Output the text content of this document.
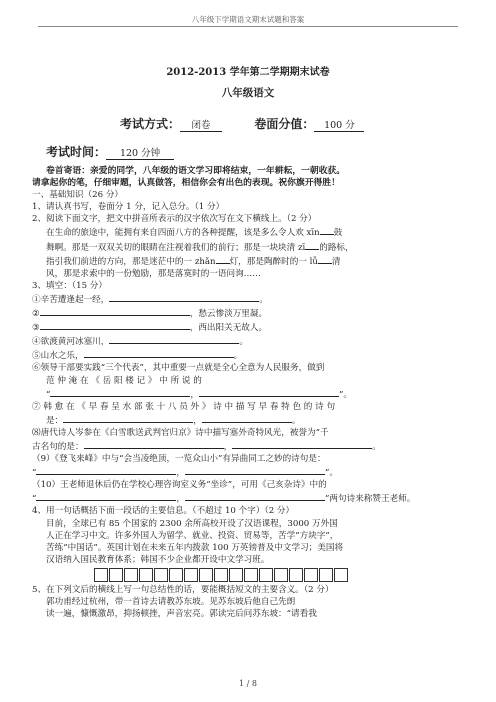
八年级下学期语文期末试题和答案
2012-2013 学年第二学期期末试卷
八年级语文
考试方式： 闭卷	卷面分值： 100 分
考试时间： 120 分钟
卷首寄语：亲爱的同学，八年级的语文学习即将结束，一年耕耘，一朝收获。
请拿起你的笔，仔细审题，认真做答，相信你会有出色的表现。祝你旗开得胜！
一、基础知识（26 分）
1、请认真书写，卷面分 1 分，记入总分。（1 分）
2、阅读下面文字，把文中拼音所表示的汉字依次写在文下横线上。（2 分）
在生命的旅途中，能拥有来自四面八方的各种提醒，该是多么令人欢 xīn 鼓
舞啊。那是一双双关切的眼睛在注视着我们的前行；那是一块块清 zī 的路标，
指引我们前进的方向，那是迷茫中的一 zhǎn 灯，那是陶醉时的一 lǚ 清
风，那是求索中的一份勉励，那是落寞时的一语问询……
3、填空：（15 分）
①辛苦遭逢起一经，	。
②	，愁云惨淡万里凝。
③	，西出阳关无故人。
④欲渡黄河冰塞川，	。
⑤山水之乐，	。
⑥领导干部要实践“三个代表”，其中重要一点就是全心全意为人民服务，做到
范 仲 淹 在 《 岳 阳 楼 记 》 中 所 说 的
“	，	”。
⑦ 韩 愈 在 《 早 春 呈 水 部 张 十 八 员 外 》 诗 中 描 写 早 春 特 色 的 诗 句
是：	，	。
⑻唐代诗人岑参在《白雪歌送武判官归京》诗中描写塞外奇特风光，被誉为“千
古名句的是：	，	。
（9）《登飞来峰》中与“会当凌绝顶，一览众山小”有异曲同工之妙的诗句是：
“	，	”。
（10）王老师退休后仍在学校心理咨询室义务“坐诊”，可用《己亥杂诗》中的
“	，	”两句诗来称赞王老师。
4、用一句话概括下面一段话的主要信息。（不超过 10 个字）（2 分）
目前，全球已有 85 个国家的 2300 余所高校开设了汉语课程，3000 万外国
人正在学习中文。许多外国人为留学、就业、投资、贸易等，苦学“方块字”，
苦练“中国话”。英国计划在未来五年内拨款 100 万英镑普及中文学习；美国将
汉语纳入国民教育体系；韩国不少企业都开设中文学习班。
5、在下列文后的横线上写一句总结性的话，要能概括短文的主要含义。（2 分）
郭功甫经过杭州，带一首诗去请教苏东坡。见苏东坡后他自己先朗
读一遍，慷慨激昂，抑扬顿挫，声音宏亮。郭读完后问苏东坡：“请看我
1 / 8
